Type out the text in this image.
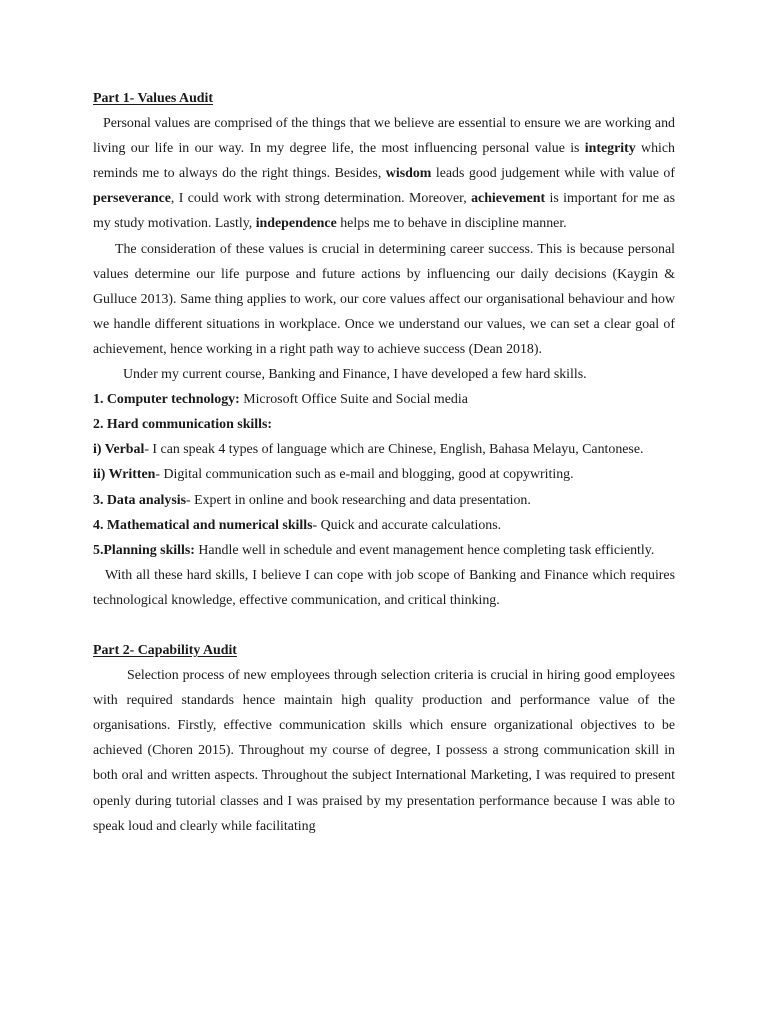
Part 1- Values Audit

Personal values are comprised of the things that we believe are essential to ensure we are working and living our life in our way. In my degree life, the most influencing personal value is integrity which reminds me to always do the right things. Besides, wisdom leads good judgement while with value of perseverance, I could work with strong determination. Moreover, achievement is important for me as my study motivation. Lastly, independence helps me to behave in discipline manner.

The consideration of these values is crucial in determining career success. This is because personal values determine our life purpose and future actions by influencing our daily decisions (Kaygin & Gulluce 2013). Same thing applies to work, our core values affect our organisational behaviour and how we handle different situations in workplace. Once we understand our values, we can set a clear goal of achievement, hence working in a right path way to achieve success (Dean 2018).

Under my current course, Banking and Finance, I have developed a few hard skills.

1. Computer technology: Microsoft Office Suite and Social media

2. Hard communication skills:

i) Verbal- I can speak 4 types of language which are Chinese, English, Bahasa Melayu, Cantonese.

ii) Written- Digital communication such as e-mail and blogging, good at copywriting.

3. Data analysis- Expert in online and book researching and data presentation.

4. Mathematical and numerical skills- Quick and accurate calculations.

5.Planning skills: Handle well in schedule and event management hence completing task efficiently.

With all these hard skills, I believe I can cope with job scope of Banking and Finance which requires technological knowledge, effective communication, and critical thinking.

Part 2- Capability Audit

Selection process of new employees through selection criteria is crucial in hiring good employees with required standards hence maintain high quality production and performance value of the organisations. Firstly, effective communication skills which ensure organizational objectives to be achieved (Choren 2015). Throughout my course of degree, I possess a strong communication skill in both oral and written aspects. Throughout the subject International Marketing, I was required to present openly during tutorial classes and I was praised by my presentation performance because I was able to speak loud and clearly while facilitating
